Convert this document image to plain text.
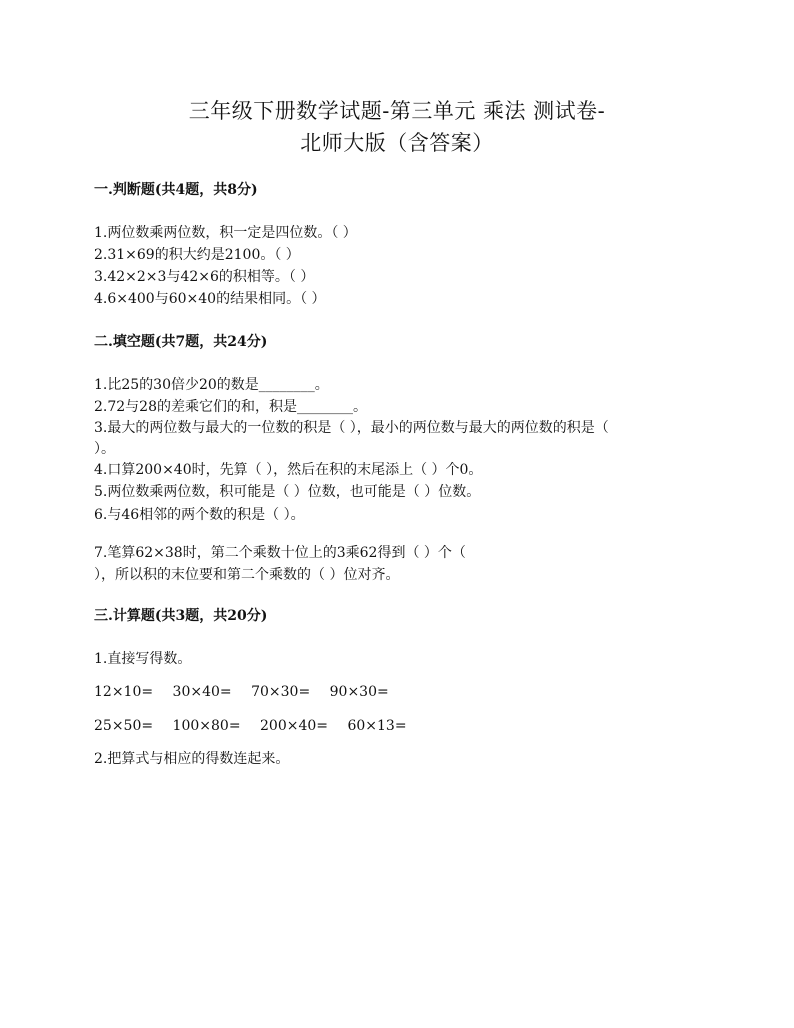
三年级下册数学试题-第三单元 乘法 测试卷-
北师大版（含答案）
一.判断题(共4题，共8分)
1.两位数乘两位数，积一定是四位数。（ ）
2.31×69的积大约是2100。（ ）
3.42×2×3与42×6的积相等。（ ）
4.6×400与60×40的结果相同。（ ）
二.填空题(共7题，共24分)
1.比25的30倍少20的数是________。
2.72与28的差乘它们的和，积是________。
3.最大的两位数与最大的一位数的积是（ ），最小的两位数与最大的两位数的积是（
）。
4.口算200×40时，先算（ ），然后在积的末尾添上（ ）个0。
5.两位数乘两位数，积可能是（ ）位数，也可能是（ ）位数。
6.与46相邻的两个数的积是（ ）。
7.笔算62×38时，第二个乘数十位上的3乘62得到（ ）个（
），所以积的末位要和第二个乘数的（ ）位对齐。
三.计算题(共3题，共20分)
1.直接写得数。
12×10= 30×40= 70×30= 90×30=
25×50= 100×80= 200×40= 60×13=
2.把算式与相应的得数连起来。
